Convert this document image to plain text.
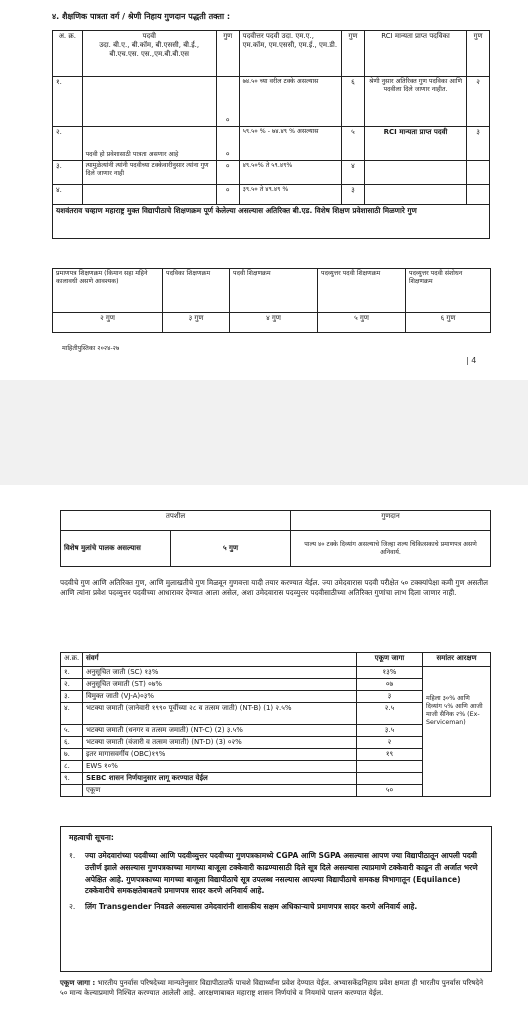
४. शैक्षणिक पात्रता वर्ग / श्रेणी निहाय गुणदान पद्धती तक्ता :
अ. क्र.	पदवी
उदा. बी.ए., बी.कॉम, बी.एससी, बी.ई., बी.एच.एस. एस.,एम.बी.बी.एस	गुण	पदवीत्तर पदवी उदा. एम.ए., एम.कॉम, एम.एससी, एम.ई., एम.डी.	गुण	RCI मान्यता प्राप्त पदविका	गुण
१.		०	७४.५० च्या वरील टक्के असल्यास	६	श्रेणी नुसार अतिरिक्त गुण पदविका आणि पदवीला दिले जाणार नाहीत.	२
२.	पदवी हो प्रवेशासाठी पात्रता असणार आहे	०	५९.५० % - ७४.४९ % असल्यास	५	RCI मान्यता प्राप्त पदवी	३
३.	त्यामुळेत्यांनी त्यांनी पदवीच्या टक्केवारीनुसार त्यांना गुण दिले जाणार नाही	०	४९.५०% ते ५९.४९%	४		
४.		०	३९.५० ते ४९.४९ %	३		
यशवंतराव चव्हाण महाराष्ट्र मुक्त विद्यापीठाचे शिक्षणक्रम पूर्ण केलेल्या असल्यास अतिरिक्त बी.एड. विशेष शिक्षण प्रवेशासाठी मिळणारे गुण						
प्रमाणपत्र शिक्षणक्रम (किमान सहा महिने कालावधी असणे आवश्यक)	पदविका शिक्षणक्रम	पदवी शिक्षणक्रम	पदव्युत्तर पदवी शिक्षणक्रम	पदव्युत्तर पदवी संशोधन शिक्षणक्रम
२ गुण	३ गुण	४ गुण	५ गुण	६ गुण
माहितीपुस्तिका २०२४-२७
| 4
तपशील		गुणदान
विशेष मुलांचे पालक असल्यास	५ गुण	पाल्य ४० टक्के दिव्यांग असल्याचे जिल्हा शल्य चिकित्सकाचे प्रमाणपत्र असणे अनिवार्य.
पदवीचे गुण आणि अतिरिक्त गुण, आणि मुलाखतीचे गुण मिळवून गुणवत्ता यादी तयार करण्यात येईल. ज्या उमेदवारास पदवी परीक्षेत ५० टक्क्यांपेक्षा कमी गुण असतील आणि त्यांना प्रवेश पदव्युत्तर पदवीच्या आधारावर देण्यात आला असेल, अशा उमेदवारास पदव्युत्तर पदवीसाठीच्या अतिरिक्त गुणांचा लाभ दिला जाणार नाही.
अ.क्र.	संवर्ग	एकूण जागा	समांतर आरक्षण
१.	अनुसूचित जाती (SC) १३%	१३%	महिला ३०% आणि दिव्यांग ५% आणि आजी माजी सैनिक २% (Ex-Serviceman)
२.	अनुसूचित जमाती (ST) ०७%	०७	
३.	विमुक्त जाती (VJ-A)०३%	३	
४.	भटक्या जमाती (जानेवारी १९९० पूर्वीच्या २८ व तत्सम जाती) (NT-B) (1) २.५%	२.५	
५.	भटक्या जमाती (धनगर व तत्सम जमाती) (NT-C) (2) ३.५%	३.५	
६.	भटक्या जमाती (वंजारी व तत्सम जमाती) (NT-D) (3) ०२%	२	
७.	इतर मागासवर्गीय (OBC)१९%	१९	
८.	EWS १०%		
९.	SEBC शासन निर्णयानुसार लागू करण्यात येईल		
	एकूण	५०	
महत्वाची सूचना:
१.	ज्या उमेदवारांच्या पदवीच्या आणि पदवीव्युत्तर पदवीच्या गुणपत्रकामध्ये CGPA आणि SGPA असल्यास आपण ज्या विद्यापीठातून आपली पदवी उत्तीर्ण झाले असल्यास गुणपत्रकाच्या मागच्या बाजूला टक्केवारी काढण्यासाठी दिले सूत्र दिले असल्यास त्याप्रमाणे टक्केवारी काढून ती अर्जात भरणे अपेक्षित आहे. गुणपत्रकाच्या मागच्या बाजूला विद्यापीठाचे सूत्र उपलब्ध नसल्यास आपल्या विद्यापीठाचे समकक्ष विभागातून (Equilance) टक्केवारीचे समकक्षतेबाबतचे प्रमाणपत्र सादर करणे अनिवार्य आहे.
२.	लिंग Transgender निवडले असल्यास उमेदवारांनी शासकीय सक्षम अधिकाऱ्याचे प्रमाणपत्र सादर करणे अनिवार्य आहे.
एकूण जागा : भारतीय पुनर्वास परिषदेच्या मान्यतेनुसार विद्यापीठातर्फे पाचशे विद्यार्थ्यांना प्रवेश देण्यात येईल. अभ्यासकेंद्रनिहाय प्रवेश क्षमता ही भारतीय पुनर्वास परिषदेने ५० मान्य केल्याप्रमाणे निश्चित करण्यात आलेली आहे. आरक्षणाबाबत महाराष्ट्र शासन निर्णयांचे व नियमांचे पालन करण्यात येईल.
